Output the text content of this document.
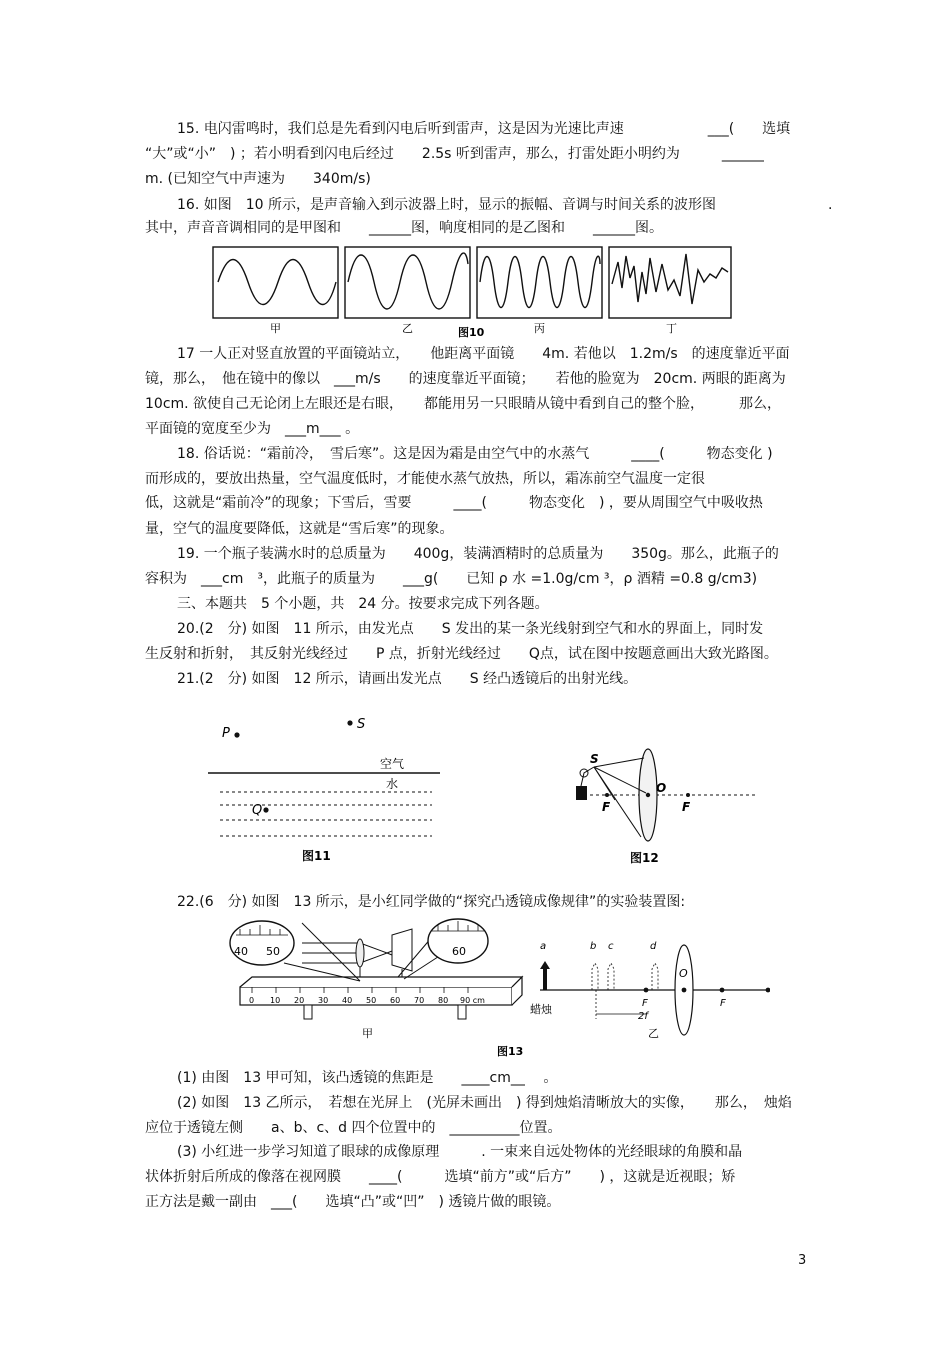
15. 电闪雷鸣时，我们总是先看到闪电后听到雷声，这是因为光速比声速　　　　　　___(　　选填
“大”或“小”　) ；若小明看到闪电后经过　　2.5s 听到雷声，那么，打雷处距小明约为　　　______
m. (已知空气中声速为　　340m/s)
16. 如图　10 所示，是声音输入到示波器上时，显示的振幅、音调与时间关系的波形图　　　　　　　　.
其中，声音音调相同的是甲图和　　______图，响度相同的是乙图和　　______图。
甲	乙	图10	丙	丁
17 一人正对竖直放置的平面镜站立，　　他距离平面镜　　4m. 若他以　1.2m/s　的速度靠近平面
镜，那么，　他在镜中的像以　___m/s　　的速度靠近平面镜；　　若他的脸宽为　20cm. 两眼的距离为
10cm. 欲使自己无论闭上左眼还是右眼，　　都能用另一只眼睛从镜中看到自己的整个脸，　　　那么，
平面镜的宽度至少为　___m___ 。
18. 俗话说：“霜前冷，　雪后寒”。这是因为霜是由空气中的水蒸气　　　____(　　　物态变化 )
而形成的，要放出热量，空气温度低时，才能使水蒸气放热，所以，霜冻前空气温度一定很
低，这就是“霜前冷”的现象；下雪后，雪要　　　____(　　　物态变化　) ，要从周围空气中吸收热
量，空气的温度要降低，这就是“雪后寒”的现象。
19. 一个瓶子装满水时的总质量为　　400g，装满酒精时的总质量为　　350g。那么，此瓶子的
容积为　___cm　³，此瓶子的质量为　　___g(　　已知 ρ 水 =1.0g/cm ³，ρ 酒精 =0.8 g/cm3)
三、本题共　5 个小题，共　24 分。按要求完成下列各题。
20.(2　分) 如图　11 所示，由发光点　　S 发出的某一条光线射到空气和水的界面上，同时发
生反射和折射，　其反射光线经过　　P 点，折射光线经过　　Q点，试在图中按题意画出大致光路图。
21.(2　分) 如图　12 所示，请画出发光点　　S 经凸透镜后的出射光线。
S
P
Q
空气
水
图11
S
F
O
F
图12
22.(6　分) 如图　13 所示，是小红同学做的“探究凸透镜成像规律”的实验装置图:
0 10 20 30 40 50 60 70 80 90 cm
40 50	60
甲
图13
a
蜡烛
b c	d
O
F	F
2f
乙
(1) 由图　13 甲可知，该凸透镜的焦距是　　____cm__　 。
(2) 如图　13 乙所示，　若想在光屏上　(光屏未画出　) 得到烛焰清晰放大的实像，　　那么，　烛焰
应位于透镜左侧　　a、b、c、d 四个位置中的　__________位置。
(3) 小红进一步学习知道了眼球的成像原理　　　. 一束来自远处物体的光经眼球的角膜和晶
状体折射后所成的像落在视网膜　　____(　　　选填“前方”或“后方”　　) ，这就是近视眼；矫
正方法是戴一副由　___(　　选填“凸”或“凹”　) 透镜片做的眼镜。
3
